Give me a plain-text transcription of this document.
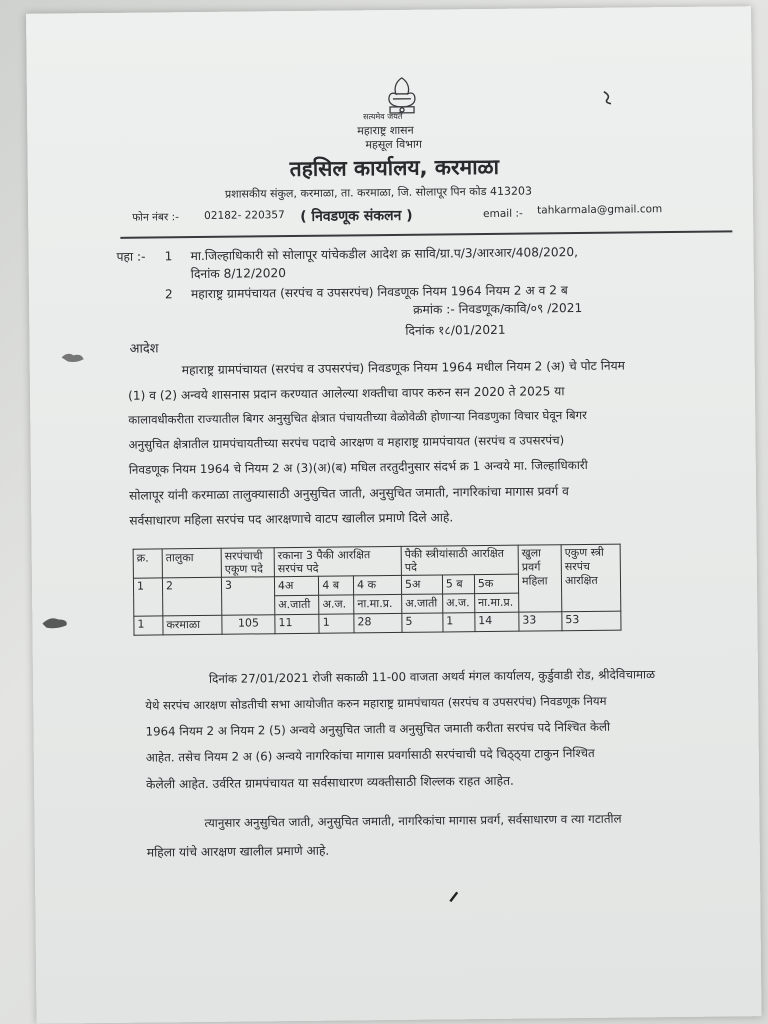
सत्यमेव जयते
महाराष्ट्र शासन
महसूल विभाग
तहसिल कार्यालय, करमाळा
प्रशासकीय संकुल, करमाळा, ता. करमाळा, जि. सोलापूर पिन कोड 413203
फोन नंबर :- 02182- 220357 ( निवडणूक संकलन )	email :- tahkarmala@gmail.com
पहा :- 1 मा.जिल्हाधिकारी सो सोलापूर यांचेकडील आदेश क्र सावि/ग्रा.प/3/आरआर/408/2020,
दिनांक 8/12/2020
2 महाराष्ट्र ग्रामपंचायत (सरपंच व उपसरपंच) निवडणूक नियम 1964 नियम 2 अ व 2 ब
क्रमांक :- निवडणूक/कावि/०९ /2021
दिनांक १८/01/2021
आदेश
महाराष्ट्र ग्रामपंचायत (सरपंच व उपसरपंच) निवडणूक नियम 1964 मधील नियम 2 (अ) चे पोट नियम
(1) व (2) अन्वये शासनास प्रदान करण्यात आलेल्या शक्तीचा वापर करुन सन 2020 ते 2025 या
कालावधीकरीता राज्यातील बिगर अनुसुचित क्षेत्रात पंचायतीच्या वेळोवेळी होणाऱ्या निवडणुका विचार घेवून बिगर
अनुसुचित क्षेत्रातील ग्रामपंचायतीच्या सरपंच पदाचे आरक्षण व महाराष्ट्र ग्रामपंचायत (सरपंच व उपसरपंच)
निवडणूक नियम 1964 चे नियम 2 अ (3)(अ)(ब) मधिल तरतुदीनुसार संदर्भ क्र 1 अन्वये मा. जिल्हाधिकारी
सोलापूर यांनी करमाळा तालुक्यासाठी अनुसुचित जाती, अनुसुचित जमाती, नागरिकांचा मागास प्रवर्ग व
सर्वसाधारण महिला सरपंच पद आरक्षणाचे वाटप खालील प्रमाणे दिले आहे.
क्र.	तालुका	सरपंचाची एकूण पदे	रकाना 3 पैकी आरक्षित सरपंच पदे			पैकी स्त्रीयांसाठी आरक्षित पदे			खुला प्रवर्ग महिला	एकुण स्त्री सरपंच आरक्षित
1	2	3	4अ	4 ब	4 क	5अ	5 ब	5क		
			अ.जाती	अ.ज.	ना.मा.प्र.	अ.जाती	अ.ज.	ना.मा.प्र.		
1	करमाळा	105	11	1	28	5	1	14	33	53
दिनांक 27/01/2021 रोजी सकाळी 11-00 वाजता अथर्व मंगल कार्यालय, कुर्डुवाडी रोड, श्रीदेविचामाळ
येथे सरपंच आरक्षण सोडतीची सभा आयोजीत करुन महाराष्ट्र ग्रामपंचायत (सरपंच व उपसरपंच) निवडणूक नियम
1964 नियम 2 अ नियम 2 (5) अन्वये अनुसुचित जाती व अनुसुचित जमाती करीता सरपंच पदे निश्चित केली
आहेत. तसेच नियम 2 अ (6) अन्वये नागरिकांचा मागास प्रवर्गासाठी सरपंचाची पदे चिठ्ठ्या टाकुन निश्चित
केलेली आहेत. उर्वरित ग्रामपंचायत या सर्वसाधारण व्यक्तीसाठी शिल्लक राहत आहेत.
त्यानुसार अनुसुचित जाती, अनुसुचित जमाती, नागरिकांचा मागास प्रवर्ग, सर्वसाधारण व त्या गटातील
महिला यांचे आरक्षण खालील प्रमाणे आहे.
